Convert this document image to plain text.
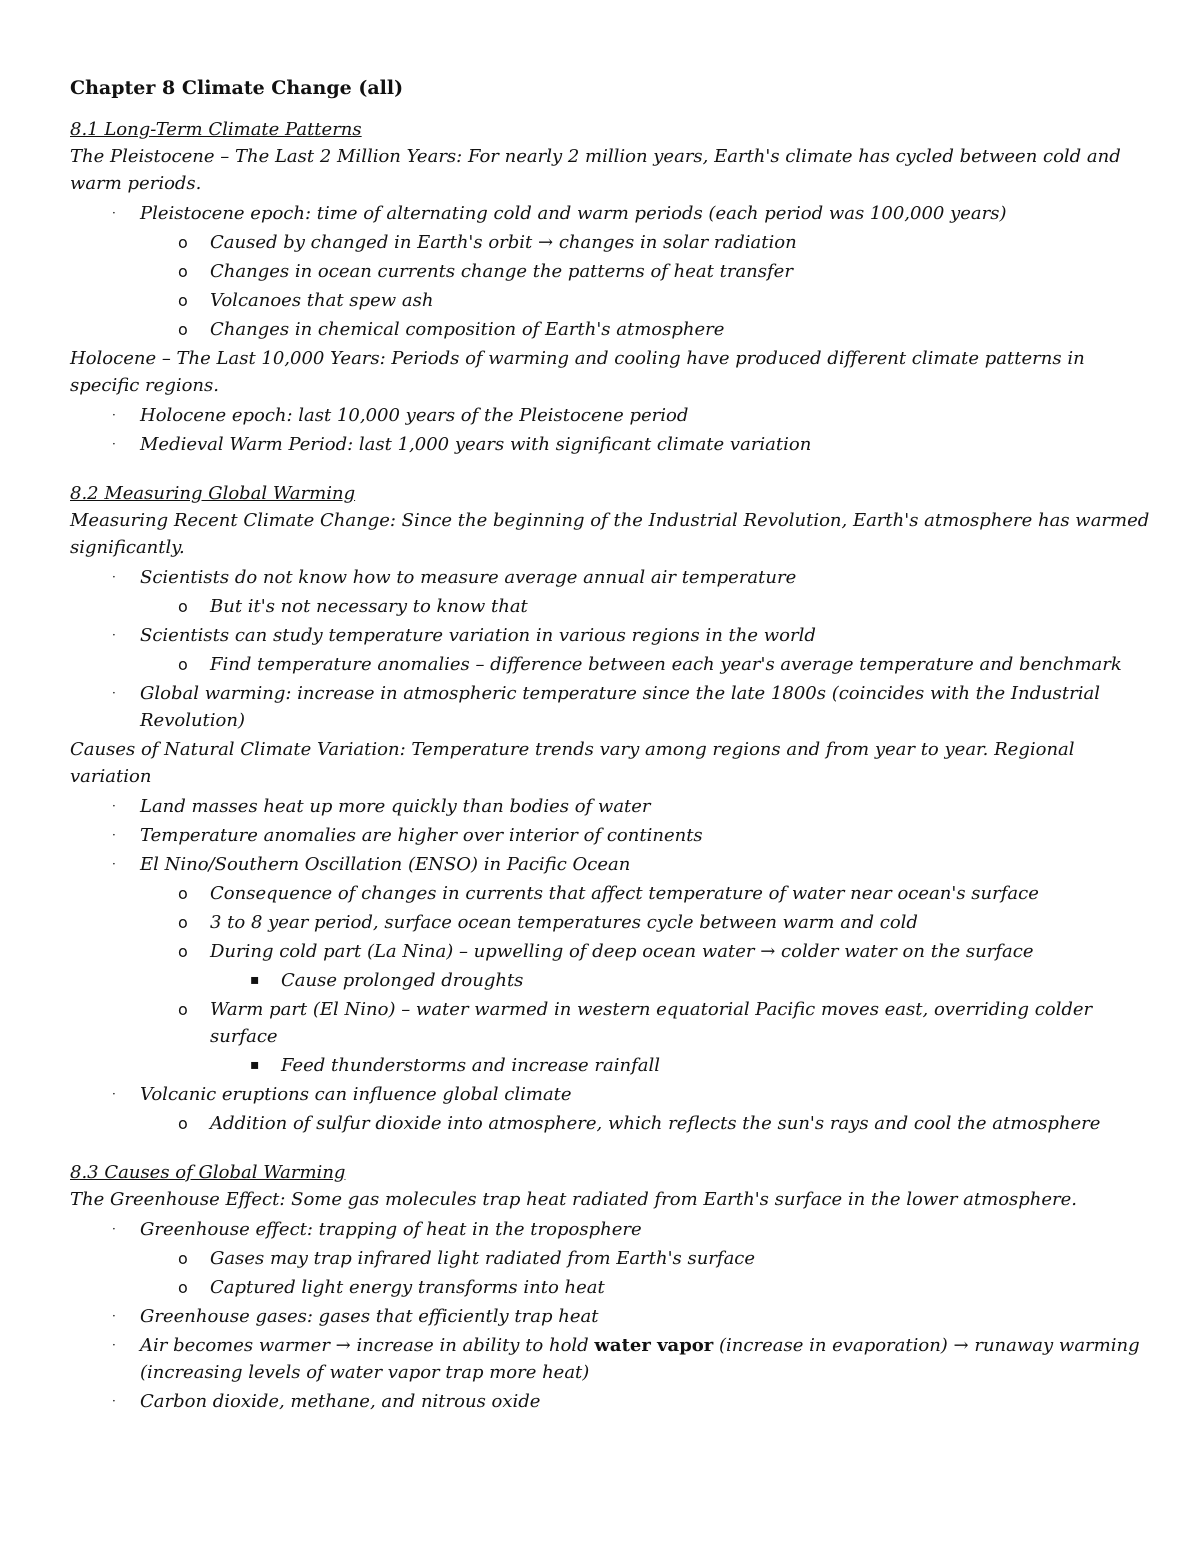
Chapter 8 Climate Change (all)
8.1 Long-Term Climate Patterns
The Pleistocene – The Last 2 Million Years: For nearly 2 million years, Earth's climate has cycled between cold and warm periods.
· Pleistocene epoch: time of alternating cold and warm periods (each period was 100,000 years)
o Caused by changed in Earth's orbit → changes in solar radiation
o Changes in ocean currents change the patterns of heat transfer
o Volcanoes that spew ash
o Changes in chemical composition of Earth's atmosphere
Holocene – The Last 10,000 Years: Periods of warming and cooling have produced different climate patterns in specific regions.
· Holocene epoch: last 10,000 years of the Pleistocene period
· Medieval Warm Period: last 1,000 years with significant climate variation
8.2 Measuring Global Warming
Measuring Recent Climate Change: Since the beginning of the Industrial Revolution, Earth's atmosphere has warmed significantly.
· Scientists do not know how to measure average annual air temperature
o But it's not necessary to know that
· Scientists can study temperature variation in various regions in the world
o Find temperature anomalies – difference between each year's average temperature and benchmark
· Global warming: increase in atmospheric temperature since the late 1800s (coincides with the Industrial Revolution)
Causes of Natural Climate Variation: Temperature trends vary among regions and from year to year. Regional variation
· Land masses heat up more quickly than bodies of water
· Temperature anomalies are higher over interior of continents
· El Nino/Southern Oscillation (ENSO) in Pacific Ocean
o Consequence of changes in currents that affect temperature of water near ocean's surface
o 3 to 8 year period, surface ocean temperatures cycle between warm and cold
o During cold part (La Nina) – upwelling of deep ocean water → colder water on the surface
▪ Cause prolonged droughts
o Warm part (El Nino) – water warmed in western equatorial Pacific moves east, overriding colder surface
▪ Feed thunderstorms and increase rainfall
· Volcanic eruptions can influence global climate
o Addition of sulfur dioxide into atmosphere, which reflects the sun's rays and cool the atmosphere
8.3 Causes of Global Warming
The Greenhouse Effect: Some gas molecules trap heat radiated from Earth's surface in the lower atmosphere.
· Greenhouse effect: trapping of heat in the troposphere
o Gases may trap infrared light radiated from Earth's surface
o Captured light energy transforms into heat
· Greenhouse gases: gases that efficiently trap heat
· Air becomes warmer → increase in ability to hold water vapor (increase in evaporation) → runaway warming (increasing levels of water vapor trap more heat)
· Carbon dioxide, methane, and nitrous oxide
